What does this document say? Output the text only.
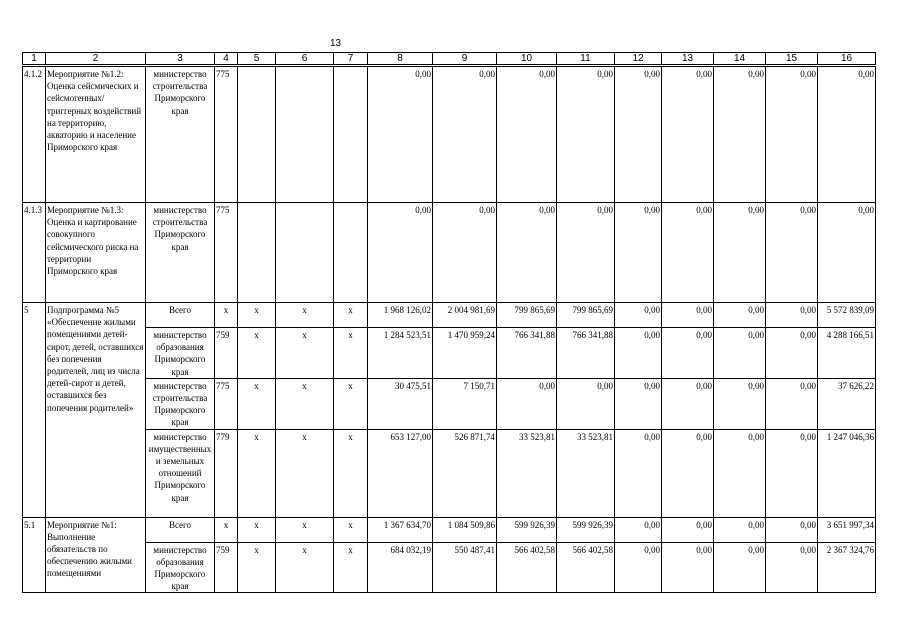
13
1	2	3	4	5	6	7	8	9	10	11	12	13	14	15	16
4.1.2	Мероприятие №1.2: Оценка сейсмических и сейсмогенных/ триггерных воздействий на территорию, акваторию и население Приморского края	министерство строительства Приморского края	775				0,00	0,00	0,00	0,00	0,00	0,00	0,00	0,00	0,00
4.1.3	Мероприятие №1.3: Оценка и картирование совокупного сейсмического риска на территории Приморского края	министерство строительства Приморского края	775				0,00	0,00	0,00	0,00	0,00	0,00	0,00	0,00	0,00
5	Подпрограмма №5 «Обеспечение жилыми помещениями детей-сирот, детей, оставшихся без попечения родителей, лиц из числа детей-сирот и детей, оставшихся без попечения родителей»	Всего	x	x	x	x	1 968 126,02	2 004 981,69	799 865,69	799 865,69	0,00	0,00	0,00	0,00	5 572 839,09
		министерство образования Приморского края	759	x	x	x	1 284 523,51	1 470 959,24	766 341,88	766 341,88	0,00	0,00	0,00	0,00	4 288 166,51
		министерство строительства Приморского края	775	x	x	x	30 475,51	7 150,71	0,00	0,00	0,00	0,00	0,00	0,00	37 626,22
		министерство имущественных и земельных отношений Приморского края	779	x	x	x	653 127,00	526 871,74	33 523,81	33 523,81	0,00	0,00	0,00	0,00	1 247 046,36
5.1	Мероприятие №1: Выполнение обязательств по обеспечению жилыми помещениями	Всего	x	x	x	x	1 367 634,70	1 084 509,86	599 926,39	599 926,39	0,00	0,00	0,00	0,00	3 651 997,34
		министерство образования Приморского края	759	x	x	x	684 032,19	550 487,41	566 402,58	566 402,58	0,00	0,00	0,00	0,00	2 367 324,76
